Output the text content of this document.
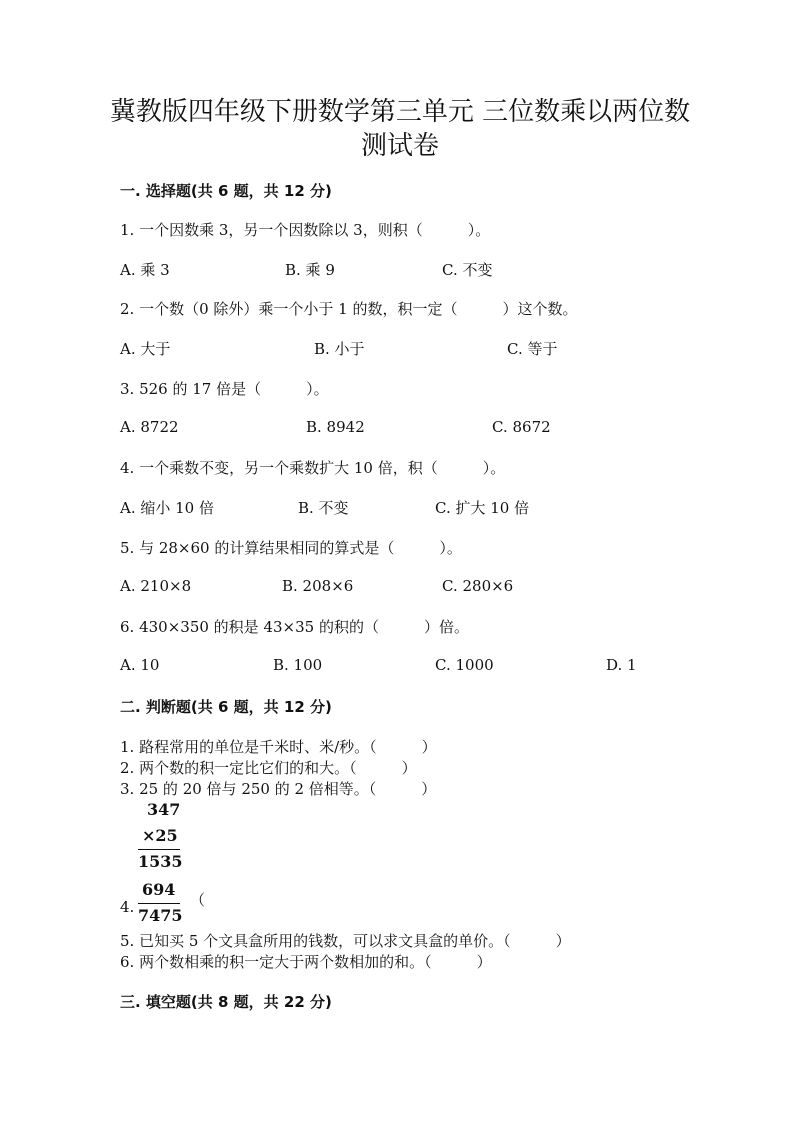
冀教版四年级下册数学第三单元 三位数乘以两位数
测试卷
一. 选择题(共 6 题，共 12 分)
1. 一个因数乘 3，另一个因数除以 3，则积（　　　）。
A. 乘 3	B. 乘 9	C. 不变
2. 一个数（0 除外）乘一个小于 1 的数，积一定（　　　）这个数。
A. 大于	B. 小于	C. 等于
3. 526 的 17 倍是（　　　）。
A. 8722	B. 8942	C. 8672
4. 一个乘数不变，另一个乘数扩大 10 倍，积（　　　）。
A. 缩小 10 倍	B. 不变	C. 扩大 10 倍
5. 与 28×60 的计算结果相同的算式是（　　　）。
A. 210×8	B. 208×6	C. 280×6
6. 430×350 的积是 43×35 的积的（　　　）倍。
A. 10	B. 100	C. 1000	D. 1
二. 判断题(共 6 题，共 12 分)
1. 路程常用的单位是千米时、米/秒。（　　　）
2. 两个数的积一定比它们的和大。（　　　）
3. 25 的 20 倍与 250 的 2 倍相等。（　　　）
347
×25
1535
4.
694
7475
（
5. 已知买 5 个文具盒所用的钱数，可以求文具盒的单价。（　　　）
6. 两个数相乘的积一定大于两个数相加的和。（　　　）
三. 填空题(共 8 题，共 22 分)
